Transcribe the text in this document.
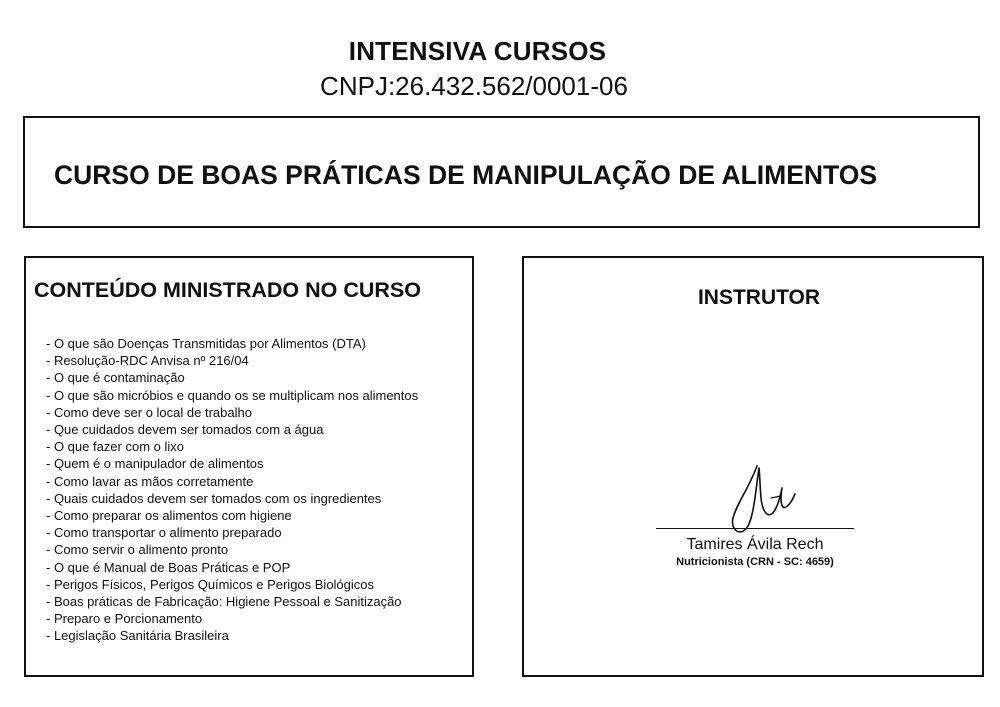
INTENSIVA CURSOS
CNPJ:26.432.562/0001-06
CURSO DE BOAS PRÁTICAS DE MANIPULAÇÃO DE ALIMENTOS
CONTEÚDO MINISTRADO NO CURSO
- O que são Doenças Transmitidas por Alimentos (DTA)
- Resolução-RDC Anvisa nº 216/04
- O que é contaminação
- O que são micróbios e quando os se multiplicam nos alimentos
- Como deve ser o local de trabalho
- Que cuidados devem ser tomados com a água
- O que fazer com o lixo
- Quem é o manipulador de alimentos
- Como lavar as mãos corretamente
- Quais cuidados devem ser tomados com os ingredientes
- Como preparar os alimentos com higiene
- Como transportar o alimento preparado
- Como servir o alimento pronto
- O que é Manual de Boas Práticas e POP
- Perigos Físicos, Perigos Químicos e Perigos Biológicos
- Boas práticas de Fabricação: Higiene Pessoal e Sanitização
- Preparo e Porcionamento
- Legislação Sanitária Brasileira
INSTRUTOR
Tamires Ávila Rech
Nutricionista (CRN - SC: 4659)
